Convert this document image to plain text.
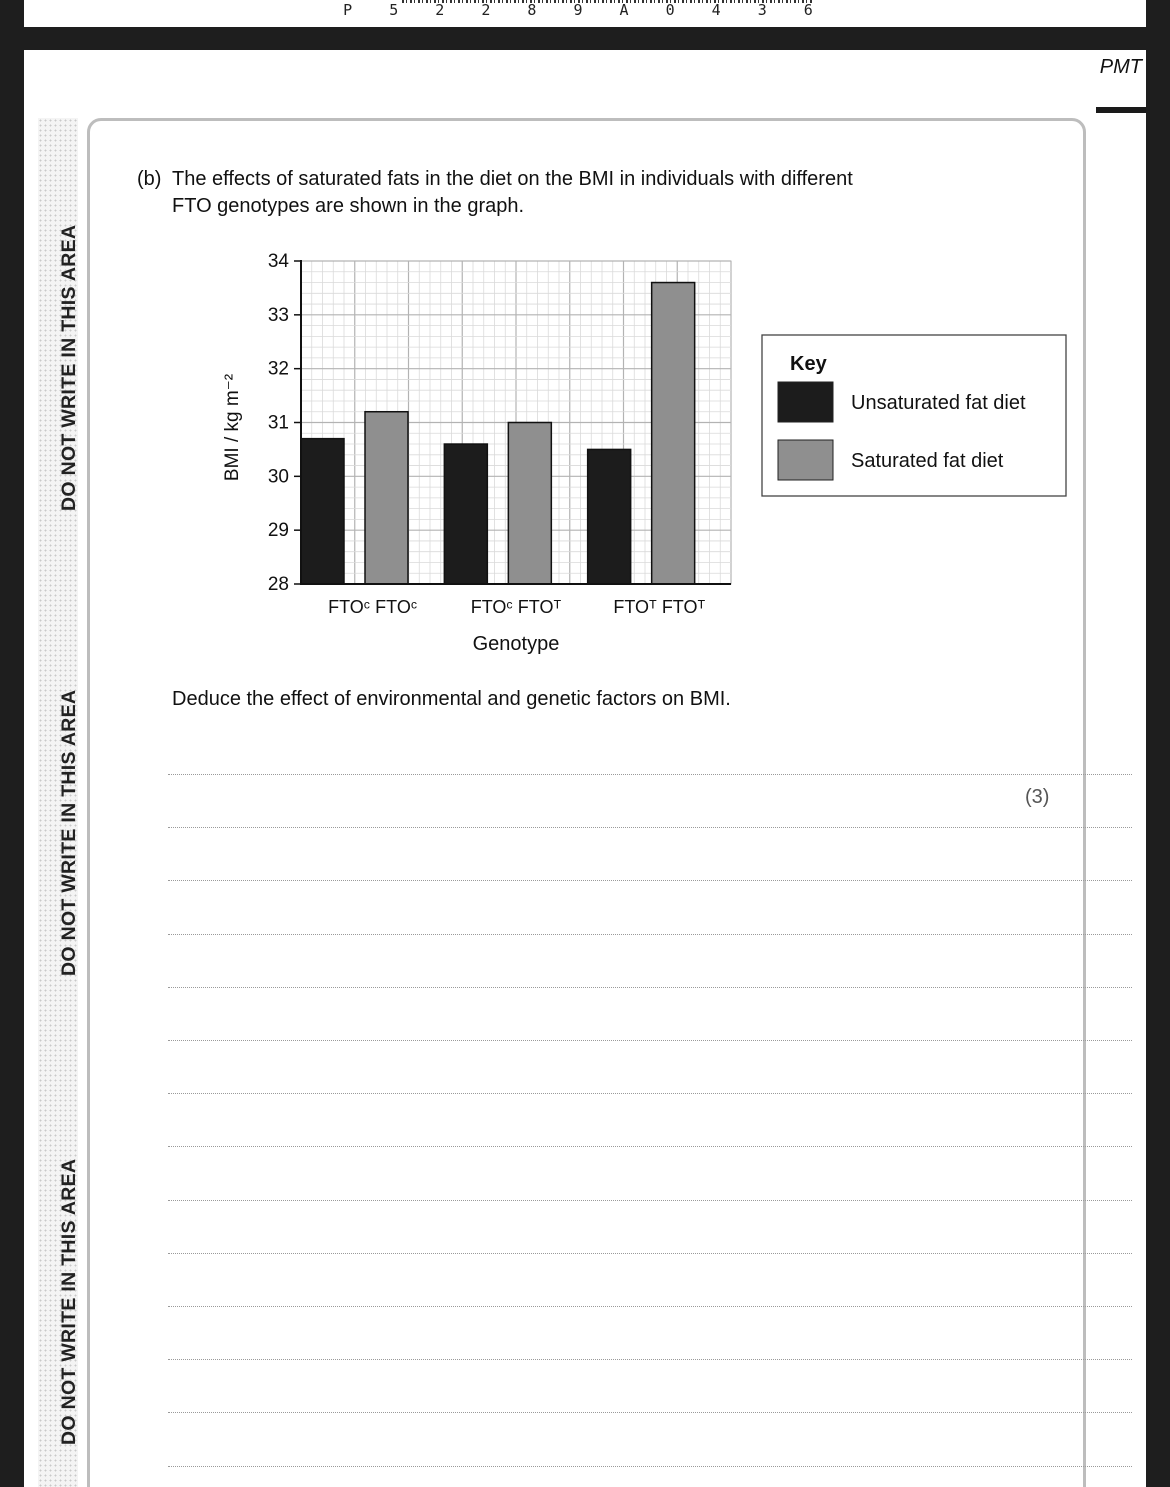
P 5 2 2 8 9 A 0 4 3 6
PMT
DO NOT WRITE IN THIS AREA
DO NOT WRITE IN THIS AREA
DO NOT WRITE IN THIS AREA
(b) The effects of saturated fats in the diet on the BMI in individuals with different
FTO genotypes are shown in the graph.
FTOᶜ FTOᶜ	FTOᶜ FTOᵀ	FTOᵀ FTOᵀ
28
29
30
31
32
33
34
BMI / kg m⁻²
Genotype
Key
Unsaturated fat diet
Saturated fat diet
Deduce the effect of environmental and genetic factors on BMI.
(3)
